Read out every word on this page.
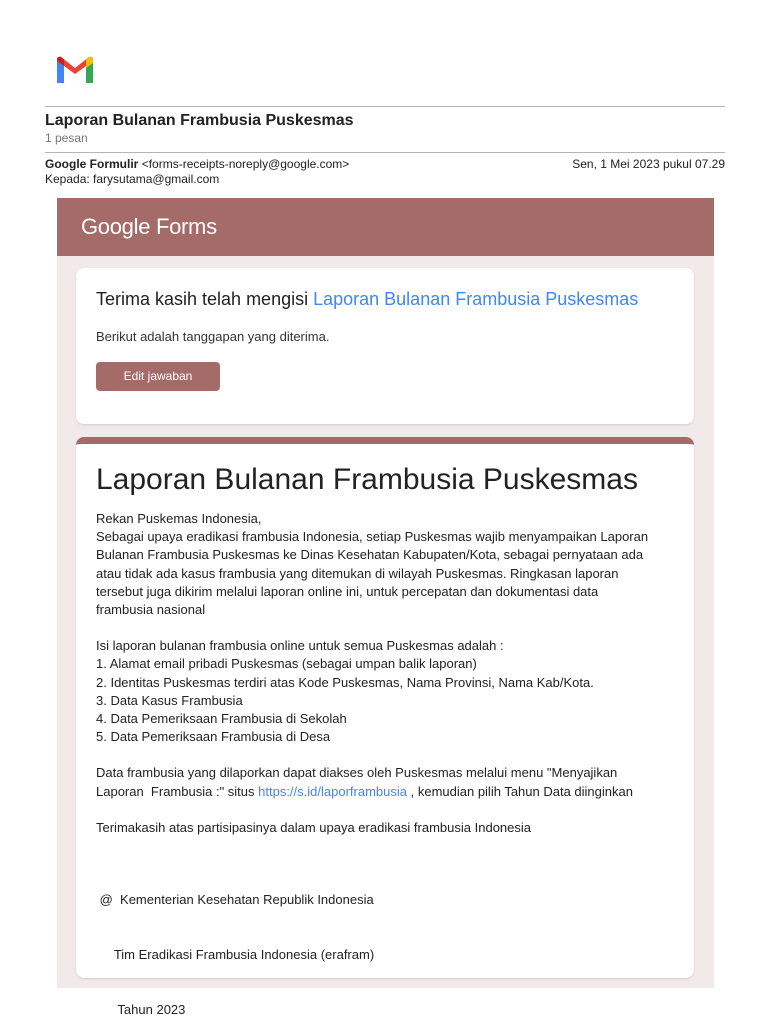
Laporan Bulanan Frambusia Puskesmas
1 pesan
Google Formulir <forms-receipts-noreply@google.com>	Sen, 1 Mei 2023 pukul 07.29
Kepada: farysutama@gmail.com
Google Forms
Terima kasih telah mengisi Laporan Bulanan Frambusia Puskesmas
Berikut adalah tanggapan yang diterima.
Edit jawaban
Laporan Bulanan Frambusia Puskesmas
Rekan Puskemas Indonesia,
Sebagai upaya eradikasi frambusia Indonesia, setiap Puskesmas wajib menyampaikan Laporan
Bulanan Frambusia Puskesmas ke Dinas Kesehatan Kabupaten/Kota, sebagai pernyataan ada
atau tidak ada kasus frambusia yang ditemukan di wilayah Puskesmas. Ringkasan laporan
tersebut juga dikirim melalui laporan online ini, untuk percepatan dan dokumentasi data
frambusia nasional
Isi laporan bulanan frambusia online untuk semua Puskesmas adalah :
1. Alamat email pribadi Puskesmas (sebagai umpan balik laporan)
2. Identitas Puskesmas terdiri atas Kode Puskesmas, Nama Provinsi, Nama Kab/Kota.
3. Data Kasus Frambusia
4. Data Pemeriksaan Frambusia di Sekolah
5. Data Pemeriksaan Frambusia di Desa
Data frambusia yang dilaporkan dapat diakses oleh Puskesmas melalui menu "Menyajikan
Laporan  Frambusia :" situs https://s.id/laporframbusia , kemudian pilih Tahun Data diinginkan
Terimakasih atas partisipasinya dalam upaya eradikasi frambusia Indonesia

@  Kementerian Kesehatan Republik Indonesia

Tim Eradikasi Frambusia Indonesia (erafram)

Tahun 2023
